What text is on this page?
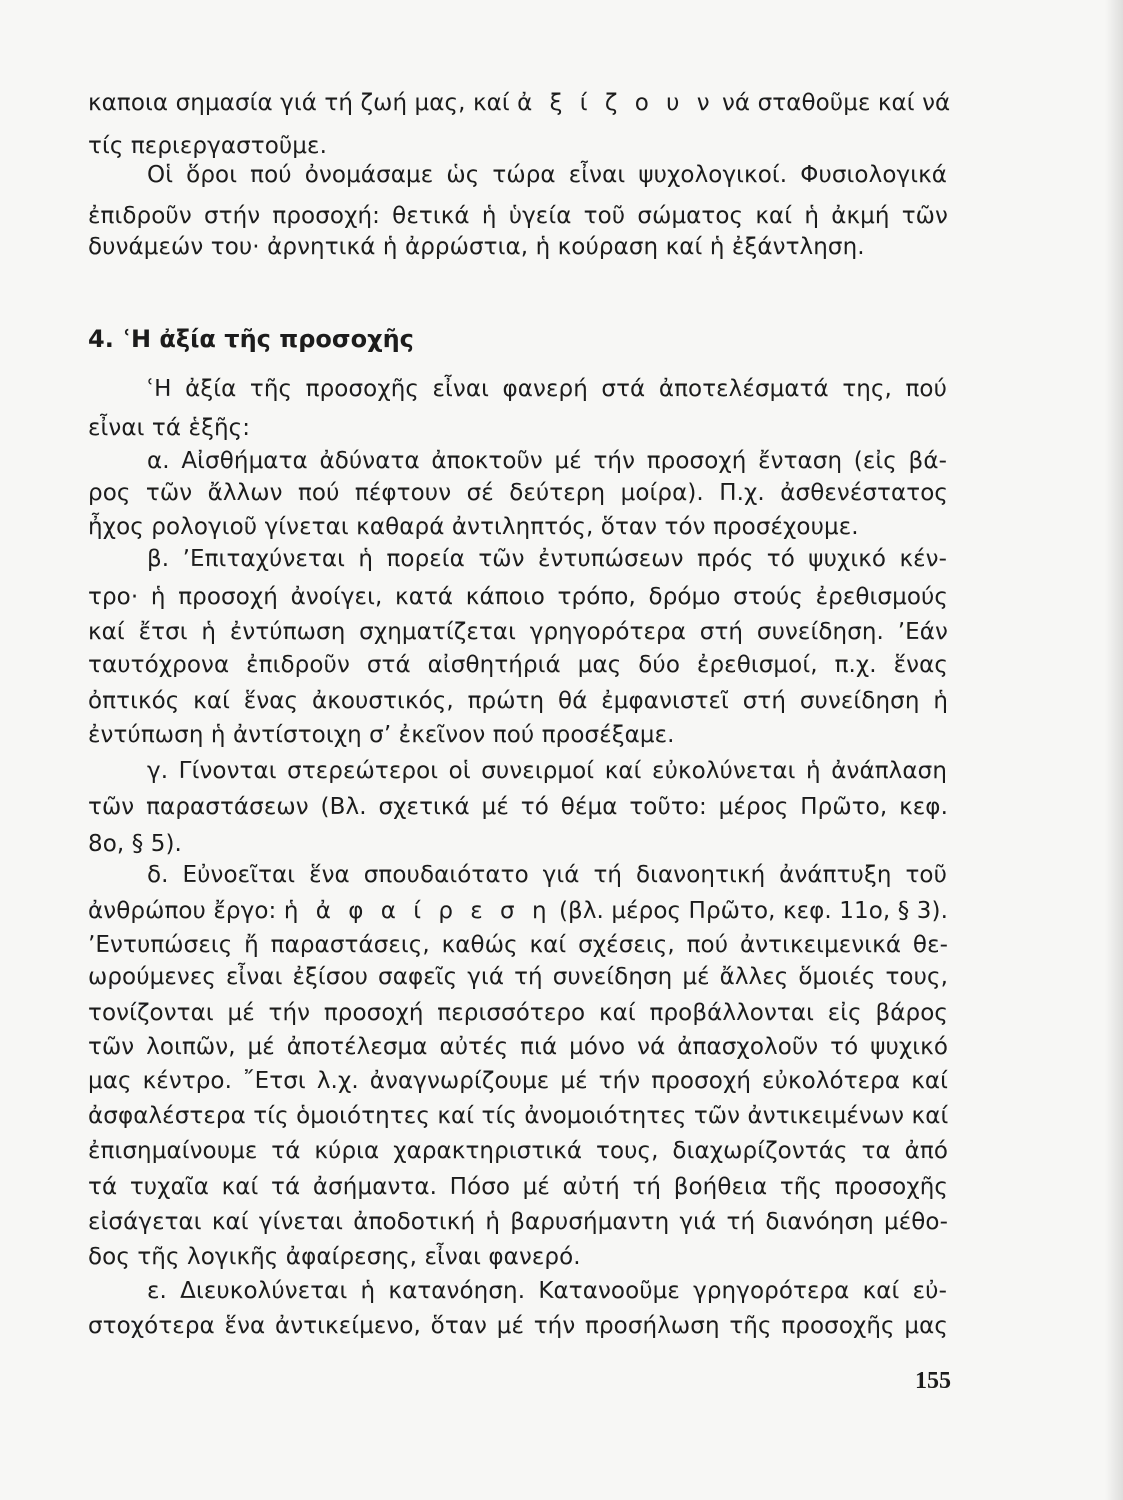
καποια σημασία γιά τή ζωή μας, καί ἀ ξ ί ζ ο υ ν νά σταθοῦμε καί νά
τίς περιεργαστοῦμε.
Οἱ ὅροι πού ὀνομάσαμε ὡς τώρα εἶναι ψυχολογικοί. Φυσιολογικά
ἐπιδροῦν στήν προσοχή: θετικά ἡ ὑγεία τοῦ σώματος καί ἡ ἀκμή τῶν
δυνάμεών του· ἀρνητικά ἡ ἀρρώστια, ἡ κούραση καί ἡ ἐξάντληση.
4. ʿΗ ἀξία τῆς προσοχῆς
ʿΗ ἀξία τῆς προσοχῆς εἶναι φανερή στά ἀποτελέσματά της, πού
εἶναι τά ἑξῆς:
α. Αἰσθήματα ἀδύνατα ἀποκτοῦν μέ τήν προσοχή ἔνταση (εἰς βά-
ρος τῶν ἄλλων πού πέφτουν σέ δεύτερη μοίρα). Π.χ. ἀσθενέστατος
ἦχος ρολογιοῦ γίνεται καθαρά ἀντιληπτός, ὅταν τόν προσέχουμε.
β. ʼΕπιταχύνεται ἡ πορεία τῶν ἐντυπώσεων πρός τό ψυχικό κέν-
τρο· ἡ προσοχή ἀνοίγει, κατά κάποιο τρόπο, δρόμο στούς ἐρεθισμούς
καί ἔτσι ἡ ἐντύπωση σχηματίζεται γρηγορότερα στή συνείδηση. ʼΕάν
ταυτόχρονα ἐπιδροῦν στά αἰσθητήριά μας δύο ἐρεθισμοί, π.χ. ἕνας
ὀπτικός καί ἕνας ἀκουστικός, πρώτη θά ἐμφανιστεῖ στή συνείδηση ἡ
ἐντύπωση ἡ ἀντίστοιχη σ’ ἐκεῖνον πού προσέξαμε.
γ. Γίνονται στερεώτεροι οἱ συνειρμοί καί εὐκολύνεται ἡ ἀνάπλαση
τῶν παραστάσεων (Βλ. σχετικά μέ τό θέμα τοῦτο: μέρος Πρῶτο, κεφ.
8ο, § 5).
δ. Εὐνοεῖται ἕνα σπουδαιότατο γιά τή διανοητική ἀνάπτυξη τοῦ
ἀνθρώπου ἔργο: ἡ ἀ φ α ί ρ ε σ η (βλ. μέρος Πρῶτο, κεφ. 11ο, § 3).
ʼΕντυπώσεις ἤ παραστάσεις, καθώς καί σχέσεις, πού ἀντικειμενικά θε-
ωρούμενες εἶναι ἐξίσου σαφεῖς γιά τή συνείδηση μέ ἄλλες ὅμοιές τους,
τονίζονται μέ τήν προσοχή περισσότερο καί προβάλλονται εἰς βάρος
τῶν λοιπῶν, μέ ἀποτέλεσμα αὐτές πιά μόνο νά ἀπασχολοῦν τό ψυχικό
μας κέντρο. ῎Ετσι λ.χ. ἀναγνωρίζουμε μέ τήν προσοχή εὐκολότερα καί
ἀσφαλέστερα τίς ὁμοιότητες καί τίς ἀνομοιότητες τῶν ἀντικειμένων καί
ἐπισημαίνουμε τά κύρια χαρακτηριστικά τους, διαχωρίζοντάς τα ἀπό
τά τυχαῖα καί τά ἀσήμαντα. Πόσο μέ αὐτή τή βοήθεια τῆς προσοχῆς
εἰσάγεται καί γίνεται ἀποδοτική ἡ βαρυσήμαντη γιά τή διανόηση μέθο-
δος τῆς λογικῆς ἀφαίρεσης, εἶναι φανερό.
ε. Διευκολύνεται ἡ κατανόηση. Κατανοοῦμε γρηγορότερα καί εὐ-
στοχότερα ἕνα ἀντικείμενο, ὅταν μέ τήν προσήλωση τῆς προσοχῆς μας
155
